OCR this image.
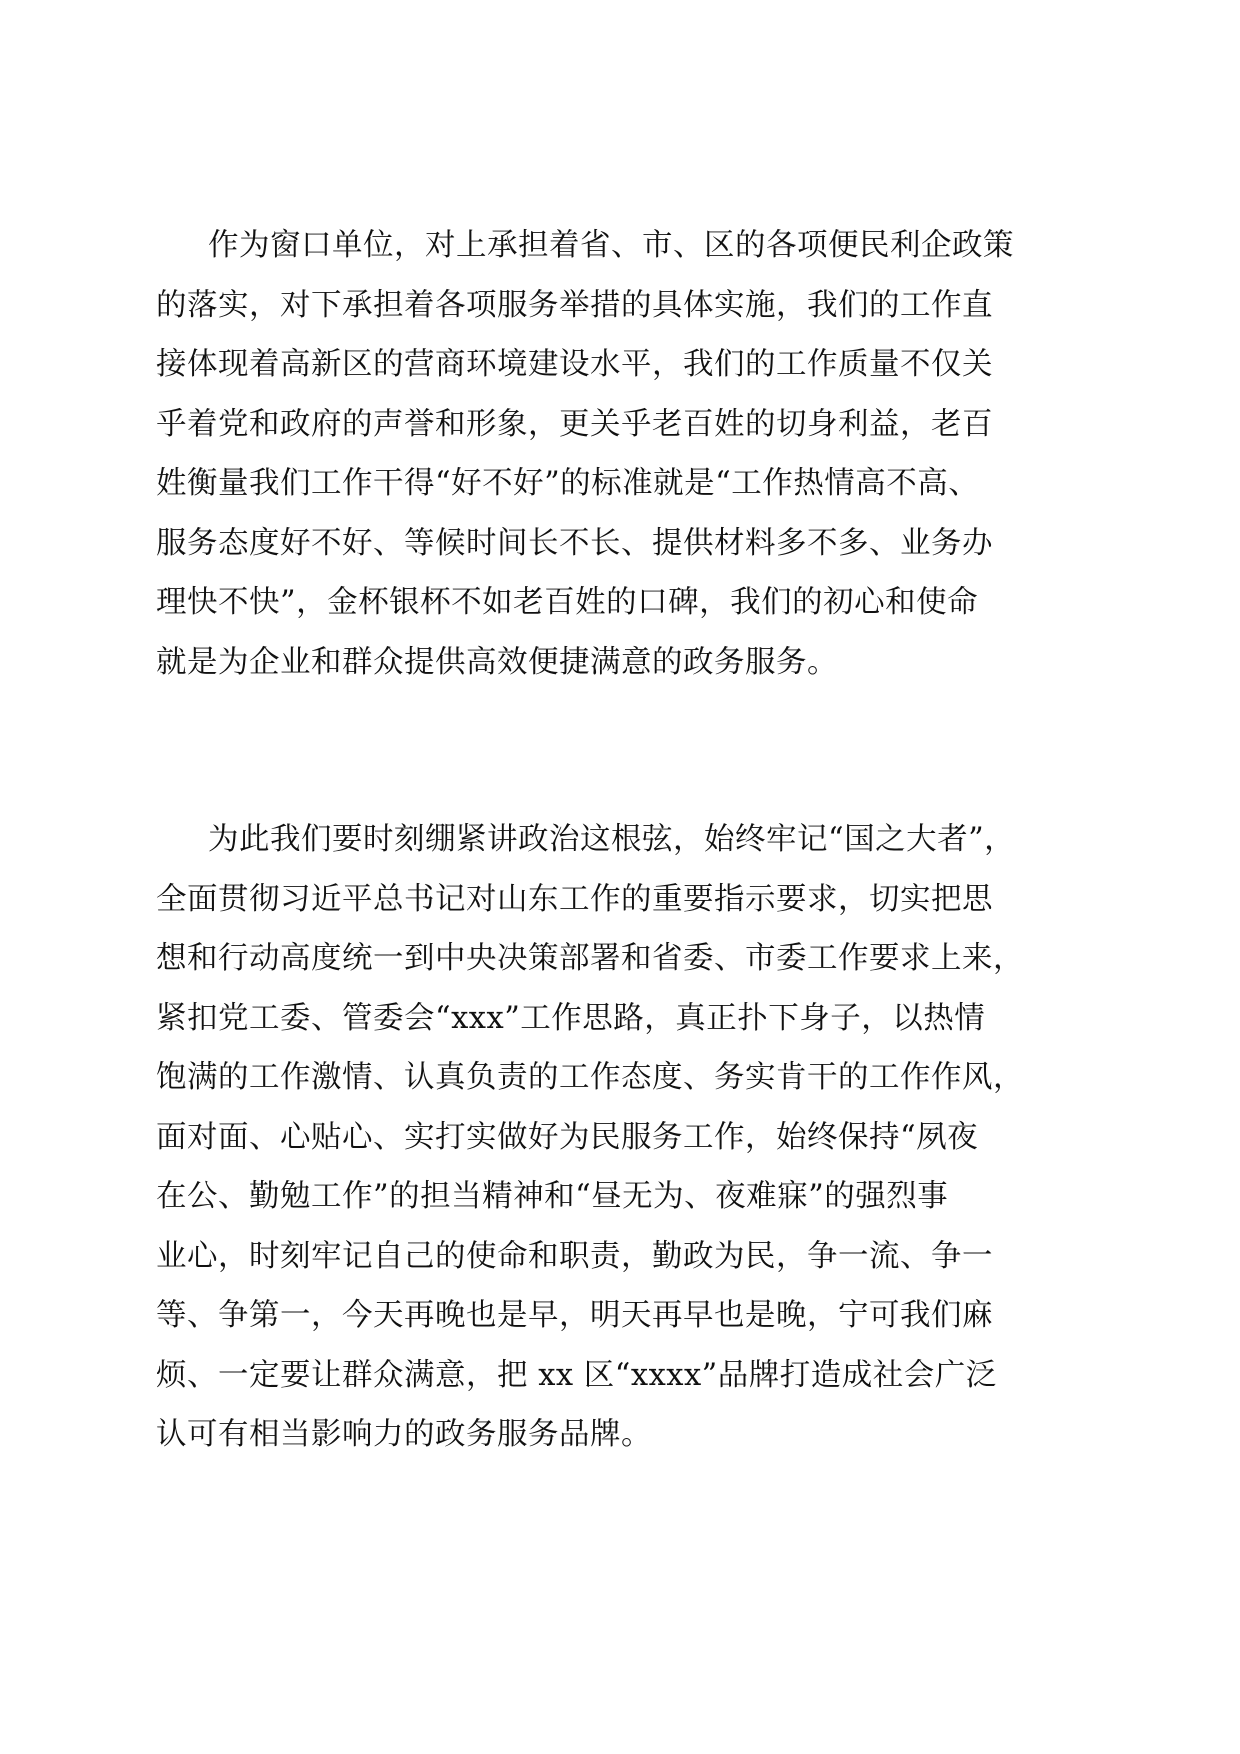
作为窗口单位，对上承担着省、市、区的各项便民利企政策
的落实，对下承担着各项服务举措的具体实施，我们的工作直
接体现着高新区的营商环境建设水平，我们的工作质量不仅关
乎着党和政府的声誉和形象，更关乎老百姓的切身利益，老百
姓衡量我们工作干得“好不好”的标准就是“工作热情高不高、
服务态度好不好、等候时间长不长、提供材料多不多、业务办
理快不快”，金杯银杯不如老百姓的口碑，我们的初心和使命
就是为企业和群众提供高效便捷满意的政务服务。

为此我们要时刻绷紧讲政治这根弦，始终牢记“国之大者”，
全面贯彻习近平总书记对山东工作的重要指示要求，切实把思
想和行动高度统一到中央决策部署和省委、市委工作要求上来，
紧扣党工委、管委会“xxx”工作思路，真正扑下身子，以热情
饱满的工作激情、认真负责的工作态度、务实肯干的工作作风，
面对面、心贴心、实打实做好为民服务工作，始终保持“夙夜
在公、勤勉工作”的担当精神和“昼无为、夜难寐”的强烈事
业心，时刻牢记自己的使命和职责，勤政为民，争一流、争一
等、争第一，今天再晚也是早，明天再早也是晚，宁可我们麻
烦、一定要让群众满意，把 xx 区“xxxx”品牌打造成社会广泛
认可有相当影响力的政务服务品牌。
